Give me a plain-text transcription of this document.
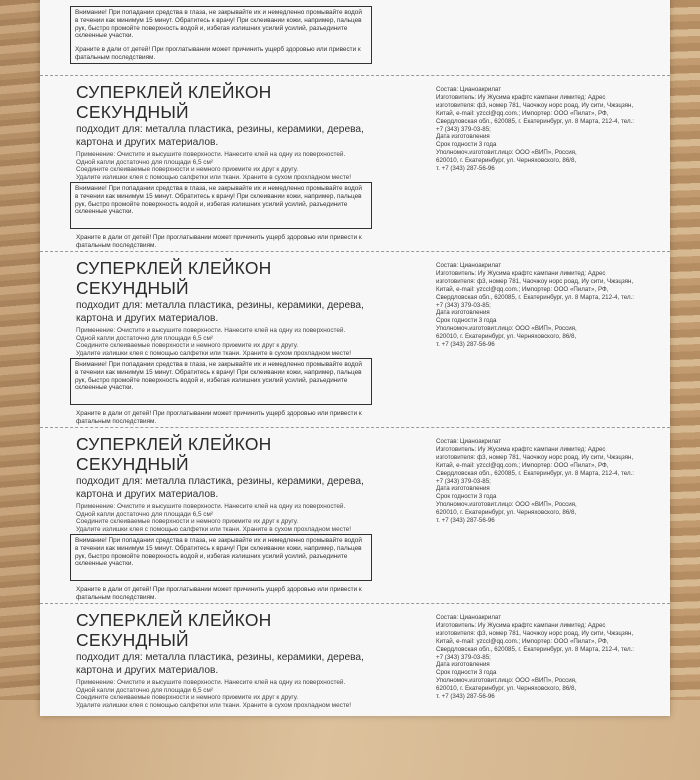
Внимание! При попадании средства в глаза, не закрывайте их и немедленно промывайте водой в течении как минимум 15 минут. Обратитесь к врачу! При склеивании кожи, например, пальцев рук, быстро промойте поверхность водой и, избегая излишних усилий усилий, разъедините склеенные участки.
Храните в дали от детей! При проглатывании может причинить ущерб здоровью или привести к фатальным последствиям.
СУПЕРКЛЕЙ КЛЕЙКОН
СЕКУНДНЫЙ
подходит для: металла пластика, резины, керамики, дерева,
картона и других материалов.
Применение: Очистите и высушите поверхности. Нанесите клей на одну из поверхностей.
Одной капли достаточно для площади 6,5 см²
Соедините склеиваемые поверхности и немного прижмите их друг к другу.
Удалите излишки клея с помощью салфетки или ткани. Храните в сухом прохладном месте!
Внимание! При попадании средства в глаза, не закрывайте их и немедленно промывайте водой в течении как минимум 15 минут. Обратитесь к врачу! При склеивании кожи, например, пальцев рук, быстро промойте поверхность водой и, избегая излишних усилий усилий, разъедините склеенные участки.
Храните в дали от детей! При проглатывании может причинить ущерб здоровью или привести к фатальным последствиям.
Состав: Цианоакрилат
Изготовитель: Иу Жусима крафтс кампани лимитед: Адрес
изготовителя: ф3, номер 781, Чаочжоу норс роад, Иу сити, Чжэцзян,
Китай, e-mail: yzccl@qq.com.; Импортер: ООО «Пилат», РФ,
Свердловская обл., 620085, г. Екатеринбург, ул. 8 Марта, 212-4, тел.:
+7 (343) 379-03-85;
Дата изготовления
Срок годности 3 года
Уполномоч.изготовит.лицо: ООО «ВИП», Россия,
620010, г. Екатеринбург, ул. Черняховского, 86/8,
т. +7 (343) 287-56-96
СУПЕРКЛЕЙ КЛЕЙКОН
СЕКУНДНЫЙ
подходит для: металла пластика, резины, керамики, дерева,
картона и других материалов.
Применение: Очистите и высушите поверхности. Нанесите клей на одну из поверхностей.
Одной капли достаточно для площади 6,5 см²
Соедините склеиваемые поверхности и немного прижмите их друг к другу.
Удалите излишки клея с помощью салфетки или ткани. Храните в сухом прохладном месте!
Внимание! При попадании средства в глаза, не закрывайте их и немедленно промывайте водой в течении как минимум 15 минут. Обратитесь к врачу! При склеивании кожи, например, пальцев рук, быстро промойте поверхность водой и, избегая излишних усилий усилий, разъедините склеенные участки.
Храните в дали от детей! При проглатывании может причинить ущерб здоровью или привести к фатальным последствиям.
Состав: Цианоакрилат
Изготовитель: Иу Жусима крафтс кампани лимитед: Адрес
изготовителя: ф3, номер 781, Чаочжоу норс роад, Иу сити, Чжэцзян,
Китай, e-mail: yzccl@qq.com.; Импортер: ООО «Пилат», РФ,
Свердловская обл., 620085, г. Екатеринбург, ул. 8 Марта, 212-4, тел.:
+7 (343) 379-03-85;
Дата изготовления
Срок годности 3 года
Уполномоч.изготовит.лицо: ООО «ВИП», Россия,
620010, г. Екатеринбург, ул. Черняховского, 86/8,
т. +7 (343) 287-56-96
СУПЕРКЛЕЙ КЛЕЙКОН
СЕКУНДНЫЙ
подходит для: металла пластика, резины, керамики, дерева,
картона и других материалов.
Применение: Очистите и высушите поверхности. Нанесите клей на одну из поверхностей.
Одной капли достаточно для площади 6,5 см²
Соедините склеиваемые поверхности и немного прижмите их друг к другу.
Удалите излишки клея с помощью салфетки или ткани. Храните в сухом прохладном месте!
Внимание! При попадании средства в глаза, не закрывайте их и немедленно промывайте водой в течении как минимум 15 минут. Обратитесь к врачу! При склеивании кожи, например, пальцев рук, быстро промойте поверхность водой и, избегая излишних усилий усилий, разъедините склеенные участки.
Храните в дали от детей! При проглатывании может причинить ущерб здоровью или привести к фатальным последствиям.
Состав: Цианоакрилат
Изготовитель: Иу Жусима крафтс кампани лимитед: Адрес
изготовителя: ф3, номер 781, Чаочжоу норс роад, Иу сити, Чжэцзян,
Китай, e-mail: yzccl@qq.com.; Импортер: ООО «Пилат», РФ,
Свердловская обл., 620085, г. Екатеринбург, ул. 8 Марта, 212-4, тел.:
+7 (343) 379-03-85;
Дата изготовления
Срок годности 3 года
Уполномоч.изготовит.лицо: ООО «ВИП», Россия,
620010, г. Екатеринбург, ул. Черняховского, 86/8,
т. +7 (343) 287-56-96
СУПЕРКЛЕЙ КЛЕЙКОН
СЕКУНДНЫЙ
подходит для: металла пластика, резины, керамики, дерева,
картона и других материалов.
Применение: Очистите и высушите поверхности. Нанесите клей на одну из поверхностей.
Одной капли достаточно для площади 6,5 см²
Соедините склеиваемые поверхности и немного прижмите их друг к другу.
Удалите излишки клея с помощью салфетки или ткани. Храните в сухом прохладном месте!
Состав: Цианоакрилат
Изготовитель: Иу Жусима крафтс кампани лимитед: Адрес
изготовителя: ф3, номер 781, Чаочжоу норс роад, Иу сити, Чжэцзян,
Китай, e-mail: yzccl@qq.com.; Импортер: ООО «Пилат», РФ,
Свердловская обл., 620085, г. Екатеринбург, ул. 8 Марта, 212-4, тел.:
+7 (343) 379-03-85;
Дата изготовления
Срок годности 3 года
Уполномоч.изготовит.лицо: ООО «ВИП», Россия,
620010, г. Екатеринбург, ул. Черняховского, 86/8,
т. +7 (343) 287-56-96
